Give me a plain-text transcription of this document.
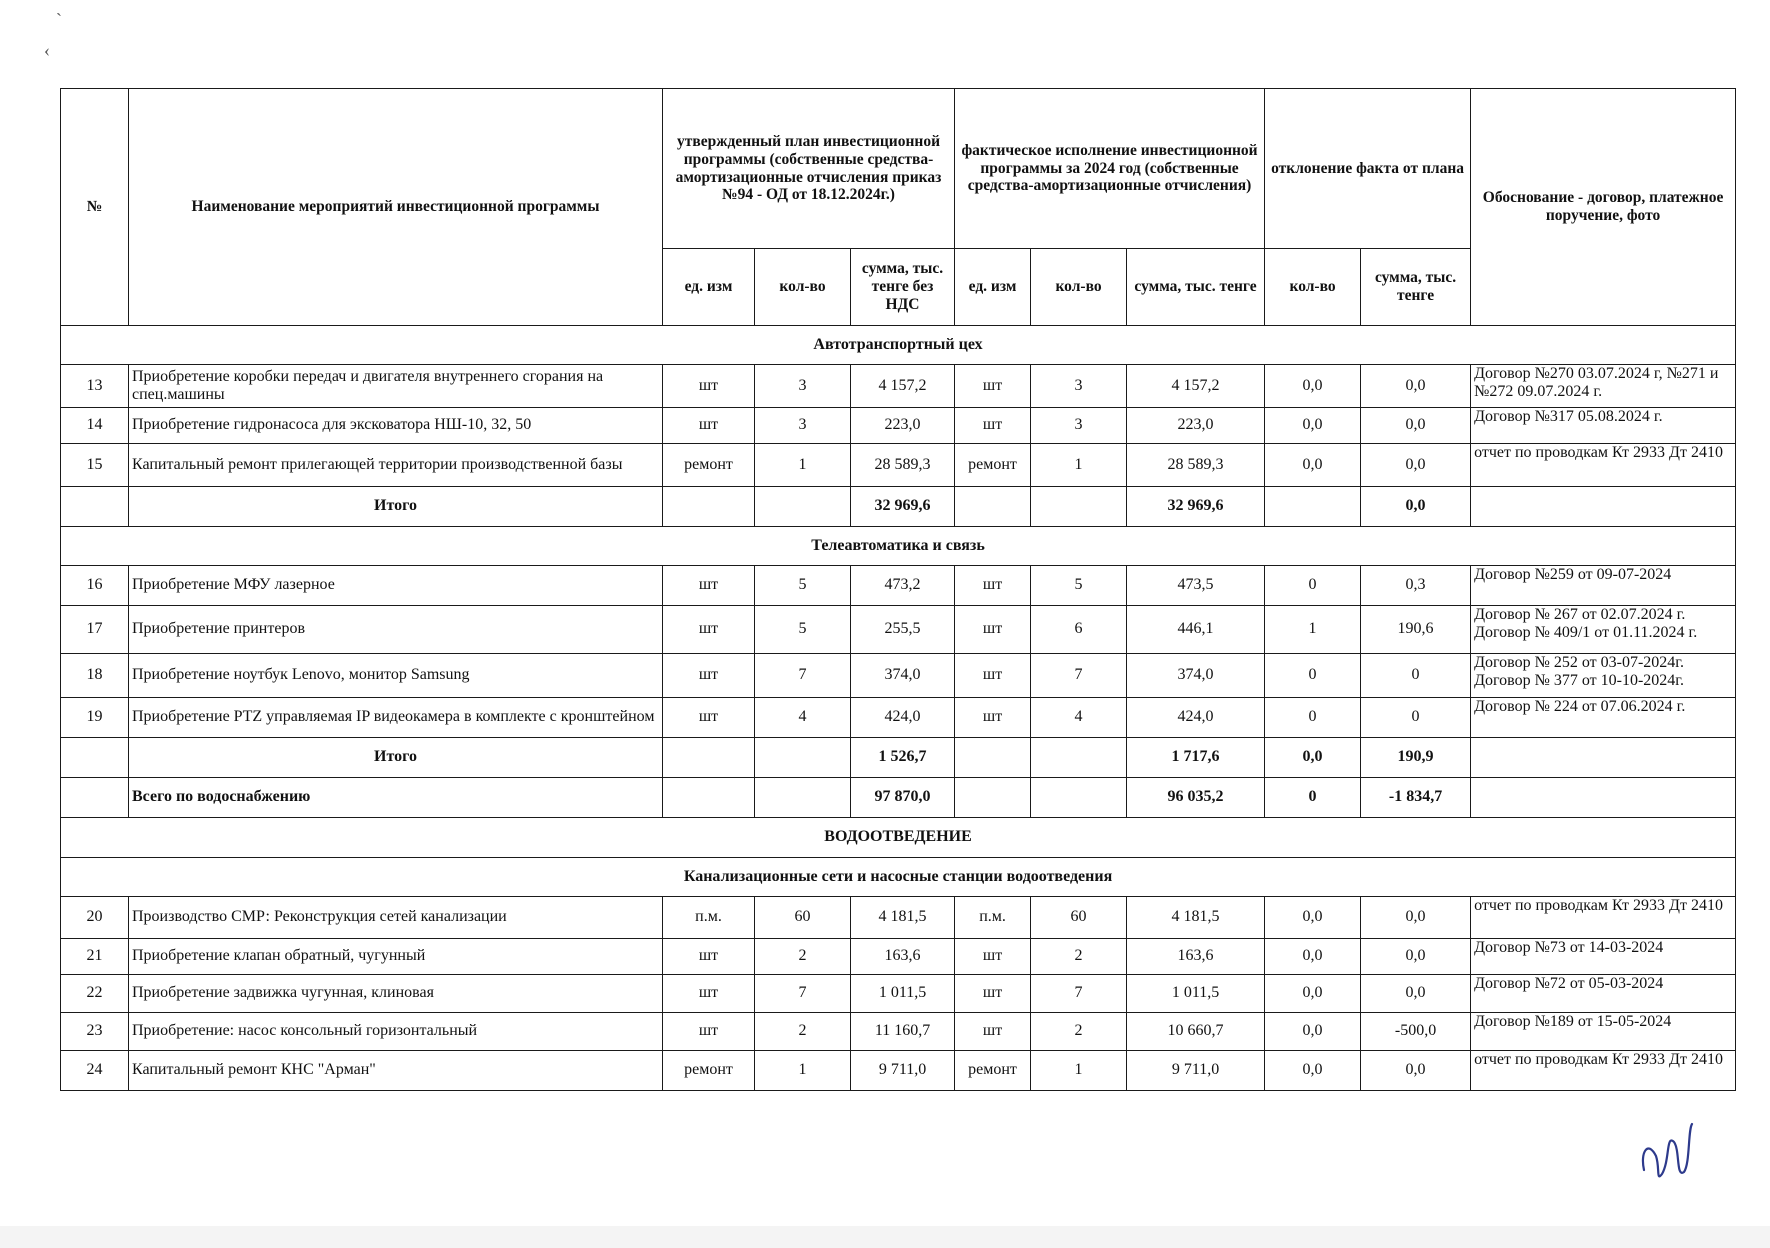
‹
ˋ
№	Наименование мероприятий инвестиционной программы	утвержденный план инвестиционной программы (собственные средства-амортизационные отчисления приказ №94 - ОД от 18.12.2024г.)			фактическое исполнение инвестиционной программы за 2024 год (собственные средства-амортизационные отчисления)			отклонение факта от плана		Обоснование - договор, платежное поручение, фото
		ед. изм	кол-во	сумма, тыс. тенге без НДС	ед. изм	кол-во	сумма, тыс. тенге	кол-во	сумма, тыс. тенге	
Автотранспортный цех										
13	Приобретение коробки передач и двигателя внутреннего сгорания на спец.машины	шт	3	4 157,2	шт	3	4 157,2	0,0	0,0	Договор №270 03.07.2024 г, №271 и №272 09.07.2024 г.
14	Приобретение гидронасоса для эксковатора НШ-10, 32, 50	шт	3	223,0	шт	3	223,0	0,0	0,0	Договор №317 05.08.2024 г.
15	Капитальный ремонт прилегающей территории производственной базы	ремонт	1	28 589,3	ремонт	1	28 589,3	0,0	0,0	отчет по проводкам Кт 2933 Дт 2410
	Итого			32 969,6			32 969,6		0,0	
Телеавтоматика и связь										
16	Приобретение МФУ лазерное	шт	5	473,2	шт	5	473,5	0	0,3	Договор №259 от 09-07-2024
17	Приобретение принтеров	шт	5	255,5	шт	6	446,1	1	190,6	Договор № 267 от 02.07.2024 г. Договор № 409/1 от 01.11.2024 г.
18	Приобретение ноутбук Lenovo, монитор Samsung	шт	7	374,0	шт	7	374,0	0	0	Договор № 252 от 03-07-2024г. Договор № 377 от 10-10-2024г.
19	Приобретение PTZ управляемая IP видеокамера в комплекте с кронштейном	шт	4	424,0	шт	4	424,0	0	0	Договор № 224 от 07.06.2024 г.
	Итого			1 526,7			1 717,6	0,0	190,9	
	Всего по водоснабжению			97 870,0			96 035,2	0	-1 834,7	
ВОДООТВЕДЕНИЕ										
Канализационные сети и насосные станции водоотведения										
20	Производство СМР: Реконструкция сетей канализации	п.м.	60	4 181,5	п.м.	60	4 181,5	0,0	0,0	отчет по проводкам Кт 2933 Дт 2410
21	Приобретение клапан обратный, чугунный	шт	2	163,6	шт	2	163,6	0,0	0,0	Договор №73 от 14-03-2024
22	Приобретение задвижка чугунная, клиновая	шт	7	1 011,5	шт	7	1 011,5	0,0	0,0	Договор №72 от 05-03-2024
23	Приобретение: насос консольный горизонтальный	шт	2	11 160,7	шт	2	10 660,7	0,0	-500,0	Договор №189 от 15-05-2024
24	Капитальный ремонт КНС "Арман"	ремонт	1	9 711,0	ремонт	1	9 711,0	0,0	0,0	отчет по проводкам Кт 2933 Дт 2410
